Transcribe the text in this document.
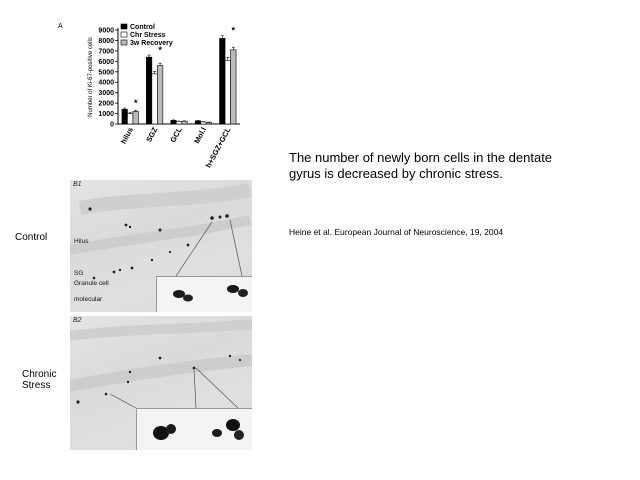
A
Number of Ki-67-positive cells
0
1000
2000
3000
4000
5000
6000
7000
8000
9000
*
hilus
*
SGZ GCL Mol.l
*
h+SGZ+GCL
Control
Chr Stress
3w Recovery
Control
Chronic Stress
B1
Hilus
SG
Granule cell
molecular
B2
The number of newly born cells in the dentate gyrus is decreased by chronic stress.
Heine et al. European Journal of Neuroscience, 19, 2004
